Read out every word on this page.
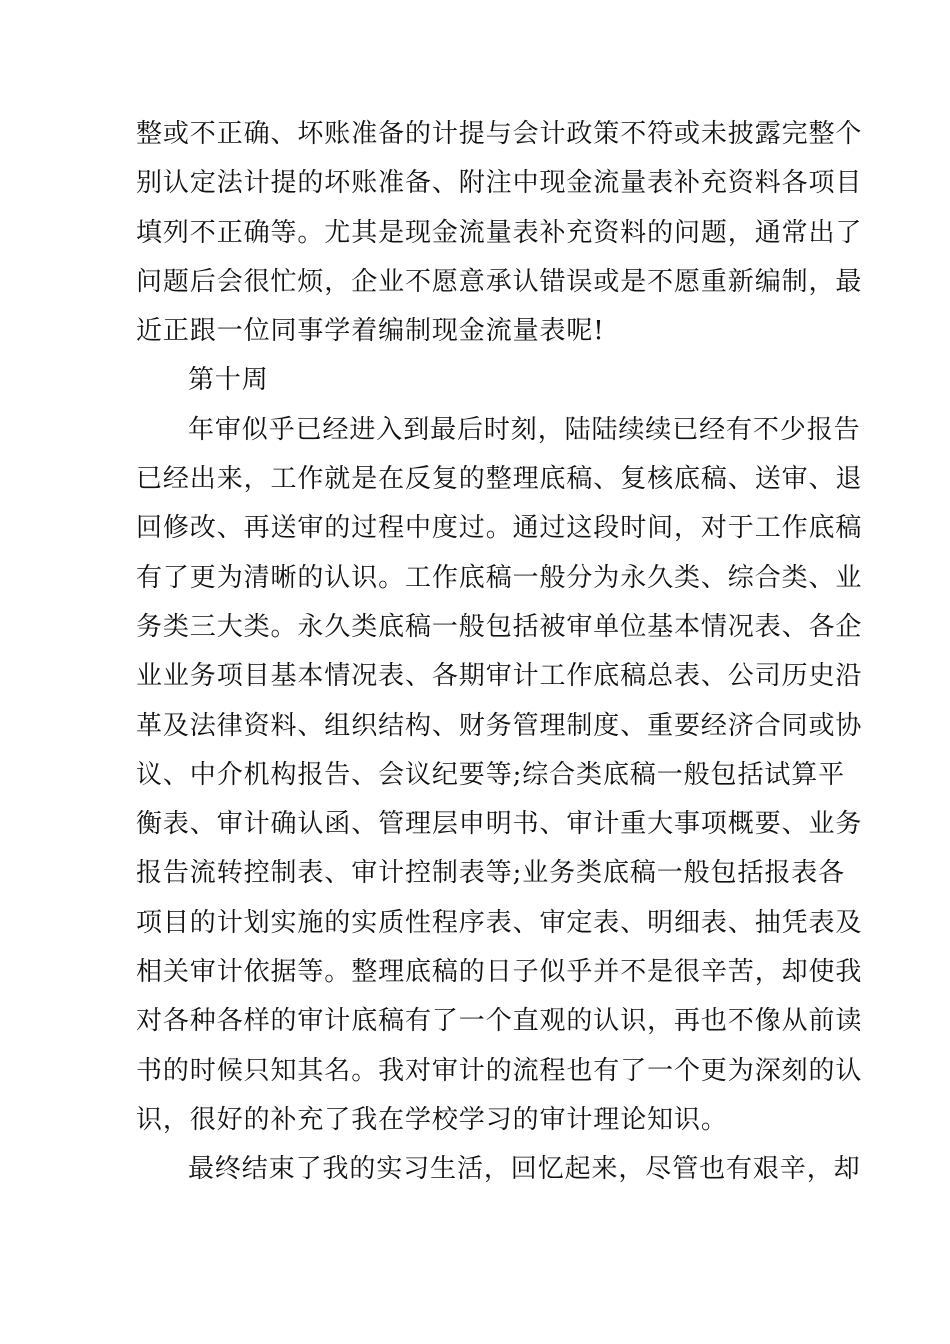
整或不正确、坏账准备的计提与会计政策不符或未披露完整个
别认定法计提的坏账准备、附注中现金流量表补充资料各项目
填列不正确等。尤其是现金流量表补充资料的问题，通常出了
问题后会很忙烦，企业不愿意承认错误或是不愿重新编制，最
近正跟一位同事学着编制现金流量表呢!
第十周
年审似乎已经进入到最后时刻，陆陆续续已经有不少报告
已经出来，工作就是在反复的整理底稿、复核底稿、送审、退
回修改、再送审的过程中度过。通过这段时间，对于工作底稿
有了更为清晰的认识。工作底稿一般分为永久类、综合类、业
务类三大类。永久类底稿一般包括被审单位基本情况表、各企
业业务项目基本情况表、各期审计工作底稿总表、公司历史沿
革及法律资料、组织结构、财务管理制度、重要经济合同或协
议、中介机构报告、会议纪要等;综合类底稿一般包括试算平
衡表、审计确认函、管理层申明书、审计重大事项概要、业务
报告流转控制表、审计控制表等;业务类底稿一般包括报表各
项目的计划实施的实质性程序表、审定表、明细表、抽凭表及
相关审计依据等。整理底稿的日子似乎并不是很辛苦，却使我
对各种各样的审计底稿有了一个直观的认识，再也不像从前读
书的时候只知其名。我对审计的流程也有了一个更为深刻的认
识，很好的补充了我在学校学习的审计理论知识。
最终结束了我的实习生活，回忆起来，尽管也有艰辛，却
